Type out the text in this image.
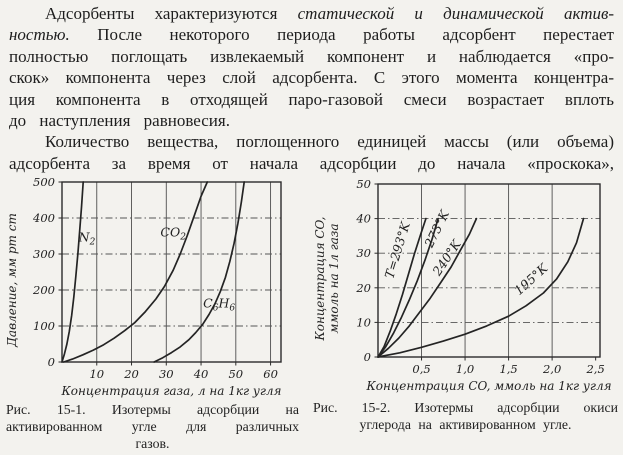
Адсорбенты характеризуются статической и динамической актив-
ностью. После некоторого периода работы адсорбент перестает
полностью поглощать извлекаемый компонент и наблюдается «про-
скок» компонента через слой адсорбента. С этого момента концентра-
ция компонента в отходящей паро-газовой смеси возрастает вплоть
до наступления равновесия.
Количество вещества, поглощенного единицей массы (или объема)
адсорбента за время от начала адсорбции до начала «проскока»,
10 20 30 40 50 60
0
100
200
300
400
500
$N_2$
$CO_2$
$C_6H_6$
Концентрация газа, л на 1кг угля
Давление, мм рт ст
0,5 1,0 1,5 2,0 2,5
0
10
20
30
40
50
T=293°K 273°K
240°K
195°K
Концентрация CO, ммоль на 1кг угля
Концентрация CO, ммоль на 1л газа
Рис. 15-1. Изотермы адсорбции на
активированном угле для различных
газов.
Рис. 15-2. Изотермы адсорбции окиси
углерода на активированном угле.
